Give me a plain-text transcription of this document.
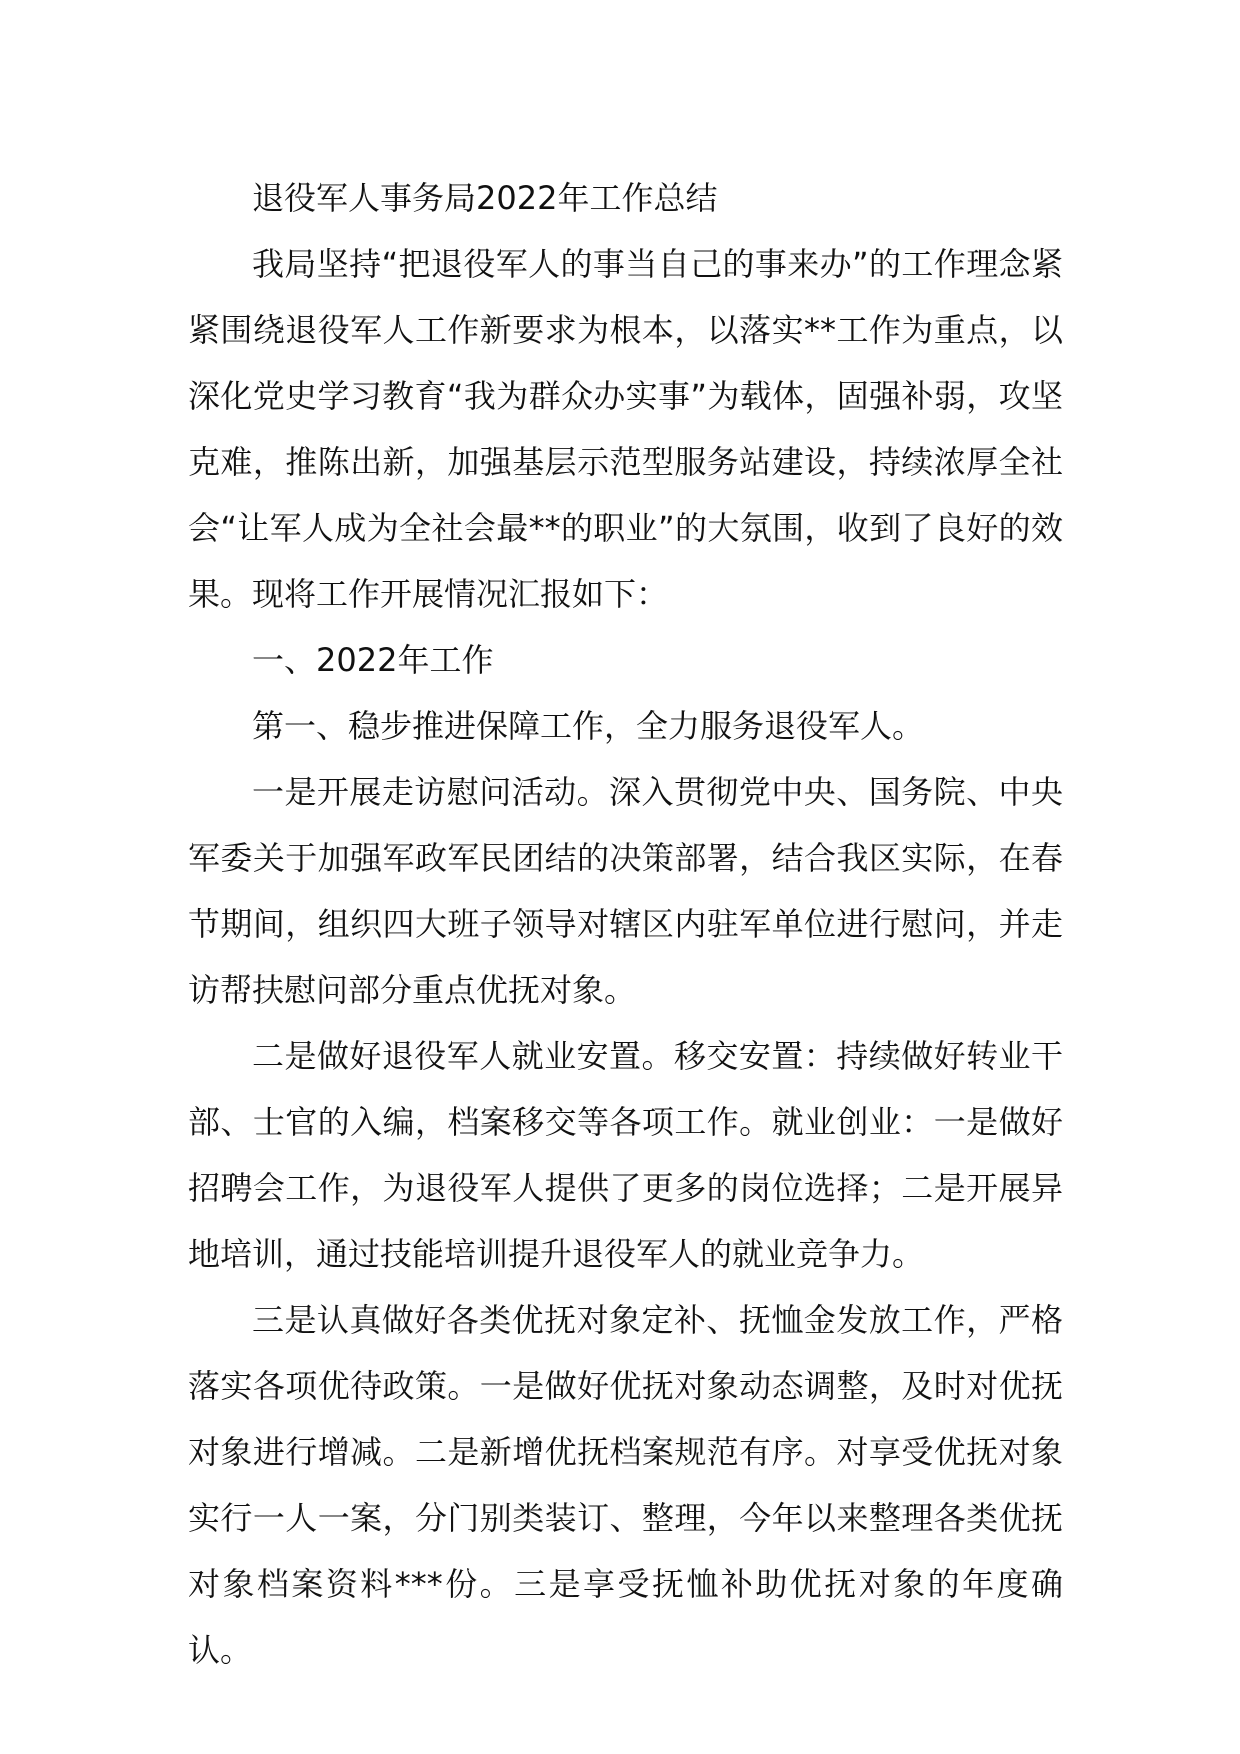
退役军人事务局2022年工作总结

我局坚持“把退役军人的事当自己的事来办”的工作理念紧紧围绕退役军人工作新要求为根本，以落实**工作为重点，以深化党史学习教育“我为群众办实事”为载体，固强补弱，攻坚克难，推陈出新，加强基层示范型服务站建设，持续浓厚全社会“让军人成为全社会最**的职业”的大氛围，收到了良好的效果。现将工作开展情况汇报如下：

一、2022年工作

第一、稳步推进保障工作，全力服务退役军人。

一是开展走访慰问活动。深入贯彻党中央、国务院、中央军委关于加强军政军民团结的决策部署，结合我区实际，在春节期间，组织四大班子领导对辖区内驻军单位进行慰问，并走访帮扶慰问部分重点优抚对象。

二是做好退役军人就业安置。移交安置：持续做好转业干部、士官的入编，档案移交等各项工作。就业创业：一是做好招聘会工作，为退役军人提供了更多的岗位选择；二是开展异地培训，通过技能培训提升退役军人的就业竞争力。

三是认真做好各类优抚对象定补、抚恤金发放工作，严格落实各项优待政策。一是做好优抚对象动态调整，及时对优抚对象进行增减。二是新增优抚档案规范有序。对享受优抚对象实行一人一案，分门别类装订、整理，今年以来整理各类优抚对象档案资料***份。三是享受抚恤补助优抚对象的年度确认。
